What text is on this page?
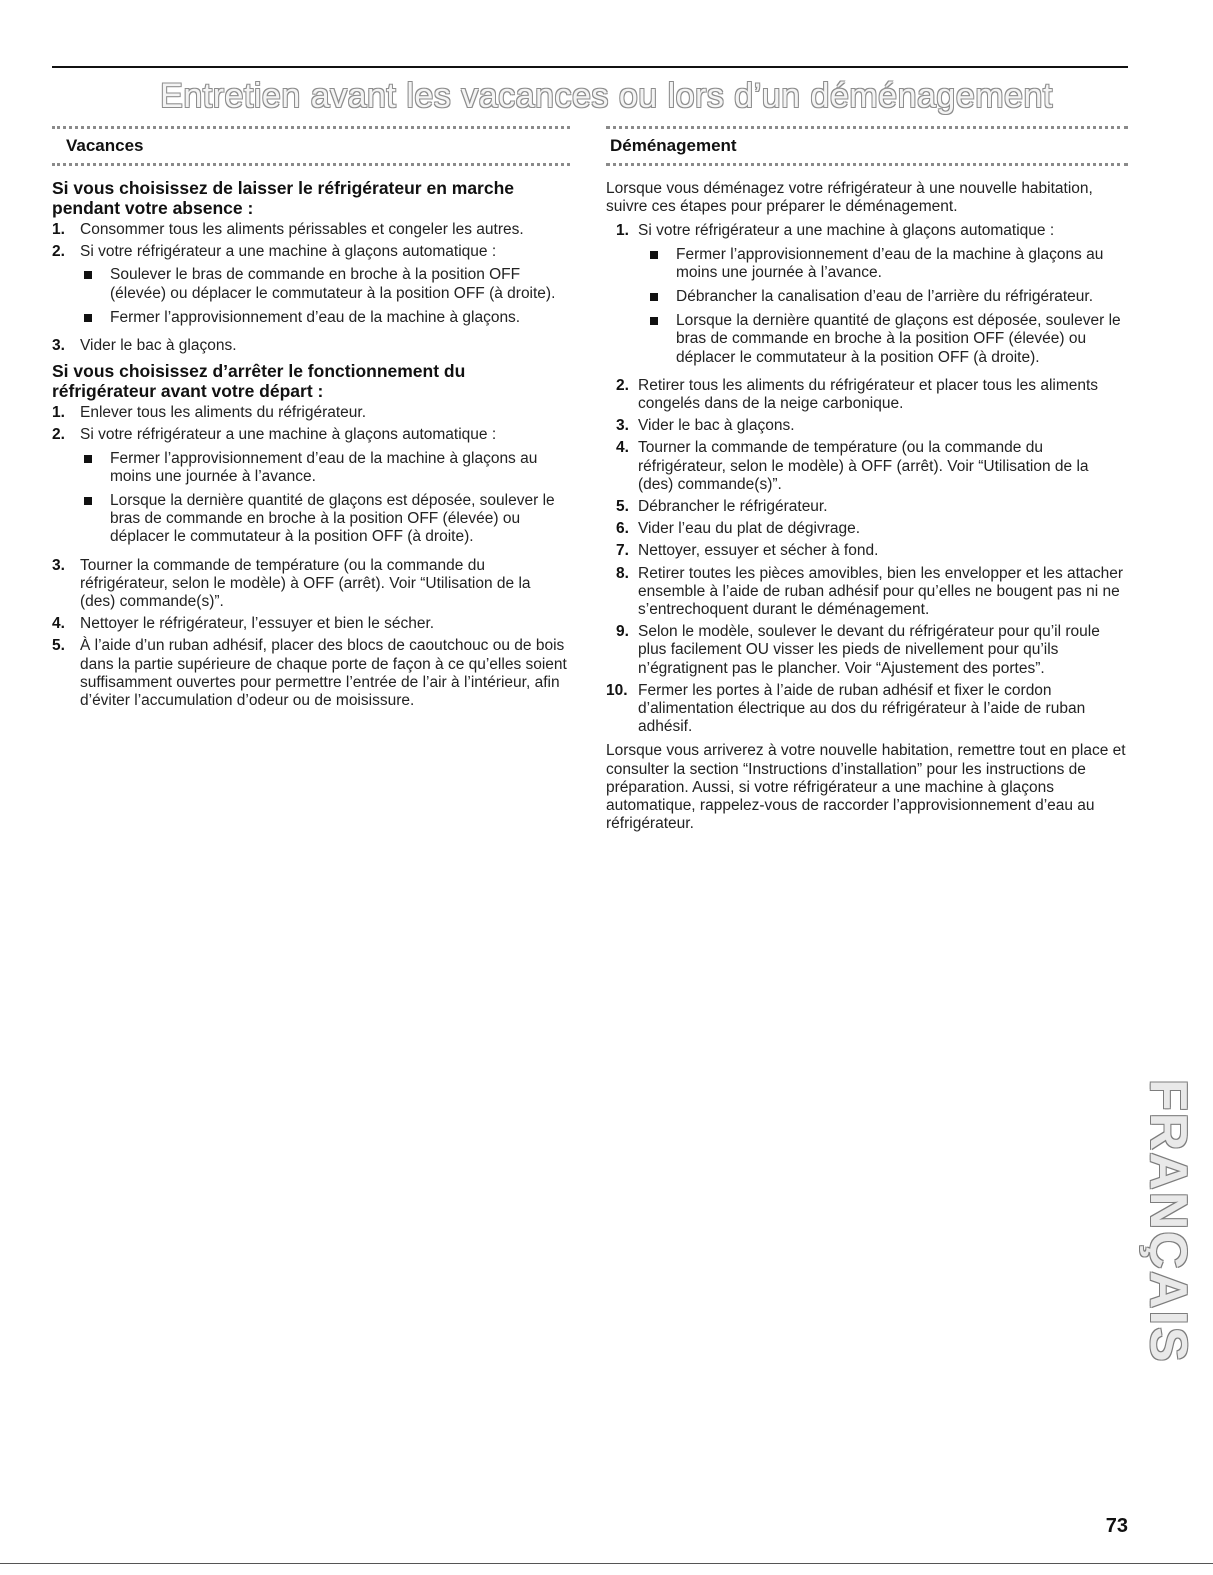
Entretien avant les vacances ou lors d’un déménagement
Vacances
Si vous choisissez de laisser le réfrigérateur en marche pendant votre absence :
1. Consommer tous les aliments périssables et congeler les autres.
2. Si votre réfrigérateur a une machine à glaçons automatique :
Soulever le bras de commande en broche à la position OFF (élevée) ou déplacer le commutateur à la position OFF (à droite).
Fermer l’approvisionnement d’eau de la machine à glaçons.
3. Vider le bac à glaçons.
Si vous choisissez d’arrêter le fonctionnement du réfrigérateur avant votre départ :
1. Enlever tous les aliments du réfrigérateur.
2. Si votre réfrigérateur a une machine à glaçons automatique :
Fermer l’approvisionnement d’eau de la machine à glaçons au moins une journée à l’avance.
Lorsque la dernière quantité de glaçons est déposée, soulever le bras de commande en broche à la position OFF (élevée) ou déplacer le commutateur à la position OFF (à droite).
3. Tourner la commande de température (ou la commande du réfrigérateur, selon le modèle) à OFF (arrêt). Voir “Utilisation de la (des) commande(s)”.
4. Nettoyer le réfrigérateur, l’essuyer et bien le sécher.
5. À l’aide d’un ruban adhésif, placer des blocs de caoutchouc ou de bois dans la partie supérieure de chaque porte de façon à ce qu’elles soient suffisamment ouvertes pour permettre l’entrée de l’air à l’intérieur, afin d’éviter l’accumulation d’odeur ou de moisissure.
Déménagement
Lorsque vous déménagez votre réfrigérateur à une nouvelle habitation, suivre ces étapes pour préparer le déménagement.
1. Si votre réfrigérateur a une machine à glaçons automatique :
Fermer l’approvisionnement d’eau de la machine à glaçons au moins une journée à l’avance.
Débrancher la canalisation d’eau de l’arrière du réfrigérateur.
Lorsque la dernière quantité de glaçons est déposée, soulever le bras de commande en broche à la position OFF (élevée) ou déplacer le commutateur à la position OFF (à droite).
2. Retirer tous les aliments du réfrigérateur et placer tous les aliments congelés dans de la neige carbonique.
3. Vider le bac à glaçons.
4. Tourner la commande de température (ou la commande du réfrigérateur, selon le modèle) à OFF (arrêt). Voir “Utilisation de la (des) commande(s)”.
5. Débrancher le réfrigérateur.
6. Vider l’eau du plat de dégivrage.
7. Nettoyer, essuyer et sécher à fond.
8. Retirer toutes les pièces amovibles, bien les envelopper et les attacher ensemble à l’aide de ruban adhésif pour qu’elles ne bougent pas ni ne s’entrechoquent durant le déménagement.
9. Selon le modèle, soulever le devant du réfrigérateur pour qu’il roule plus facilement OU visser les pieds de nivellement pour qu’ils n’égratignent pas le plancher. Voir “Ajustement des portes”.
10. Fermer les portes à l’aide de ruban adhésif et fixer le cordon d’alimentation électrique au dos du réfrigérateur à l’aide de ruban adhésif.
Lorsque vous arriverez à votre nouvelle habitation, remettre tout en place et consulter la section “Instructions d’installation” pour les instructions de préparation. Aussi, si votre réfrigérateur a une machine à glaçons automatique, rappelez-vous de raccorder l’approvisionnement d’eau au réfrigérateur.
FRANÇAIS
73
